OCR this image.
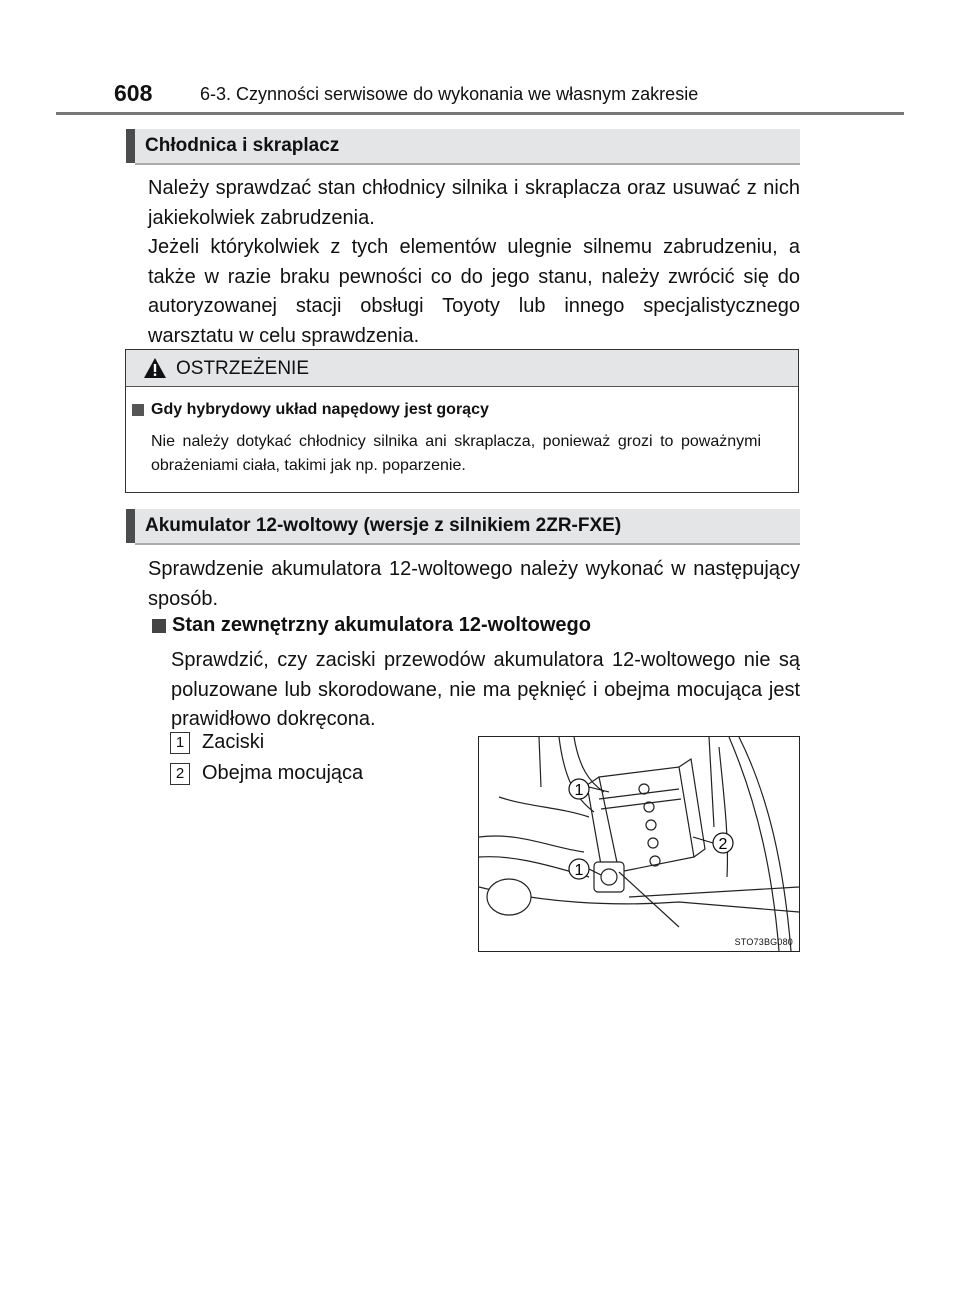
608	6-3. Czynności serwisowe do wykonania we własnym zakresie
Chłodnica i skraplacz
Należy sprawdzać stan chłodnicy silnika i skraplacza oraz usuwać z nich jakiekolwiek zabrudzenia.
Jeżeli którykolwiek z tych elementów ulegnie silnemu zabrudzeniu, a także w razie braku pewności co do jego stanu, należy zwrócić się do autoryzowanej stacji obsługi Toyoty lub innego specjalistycznego warsztatu w celu sprawdzenia.
OSTRZEŻENIE
Gdy hybrydowy układ napędowy jest gorący
Nie należy dotykać chłodnicy silnika ani skraplacza, ponieważ grozi to poważnymi obrażeniami ciała, takimi jak np. poparzenie.
Akumulator 12-woltowy (wersje z silnikiem 2ZR-FXE)
Sprawdzenie akumulatora 12-woltowego należy wykonać w następujący sposób.
Stan zewnętrzny akumulatora 12-woltowego
Sprawdzić, czy zaciski przewodów akumulatora 12-woltowego nie są poluzowane lub skorodowane, nie ma pęknięć i obejma mocująca jest prawidłowo dokręcona.
1 Zaciski
2 Obejma mocująca
1
1
2
STO73BG080
